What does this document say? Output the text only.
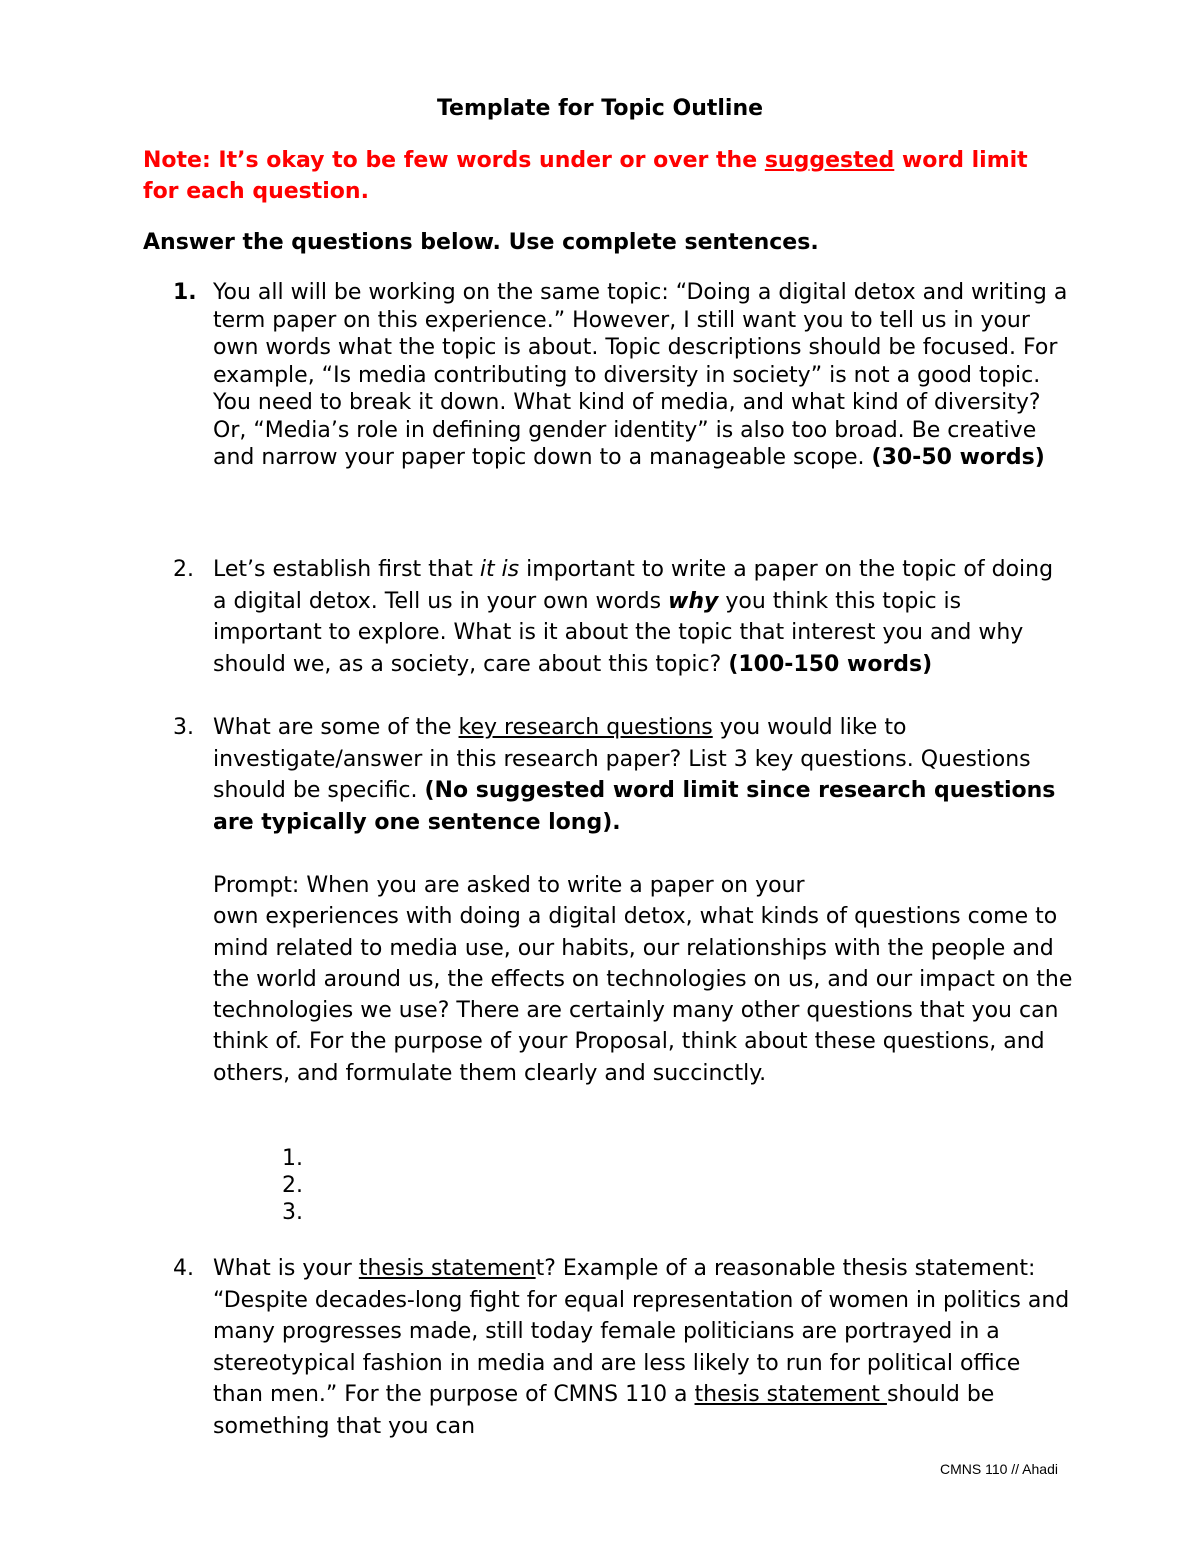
Template for Topic Outline
Note: It’s okay to be few words under or over the suggested word limit for each question.
Answer the questions below. Use complete sentences.
1. You all will be working on the same topic: “Doing a digital detox and writing a term paper on this experience.” However, I still want you to tell us in your own words what the topic is about. Topic descriptions should be focused. For example, “Is media contributing to diversity in society” is not a good topic. You need to break it down. What kind of media, and what kind of diversity? Or, “Media’s role in defining gender identity” is also too broad. Be creative and narrow your paper topic down to a manageable scope. (30-50 words)
2. Let’s establish first that it is important to write a paper on the topic of doing a digital detox. Tell us in your own words why you think this topic is important to explore. What is it about the topic that interest you and why should we, as a society, care about this topic? (100-150 words)
3. What are some of the key research questions you would like to investigate/answer in this research paper? List 3 key questions. Questions should be specific. (No suggested word limit since research questions are typically one sentence long).
Prompt: When you are asked to write a paper on your
own experiences with doing a digital detox, what kinds of questions come to mind related to media use, our habits, our relationships with the people and the world around us, the effects on technologies on us, and our impact on the technologies we use? There are certainly many other questions that you can think of. For the purpose of your Proposal, think about these questions, and others, and formulate them clearly and succinctly.
1.
2.
3.
4. What is your thesis statement? Example of a reasonable thesis statement: “Despite decades-long fight for equal representation of women in politics and many progresses made, still today female politicians are portrayed in a stereotypical fashion in media and are less likely to run for political office than men.” For the purpose of CMNS 110 a thesis statement should be something that you can
CMNS 110 // Ahadi
